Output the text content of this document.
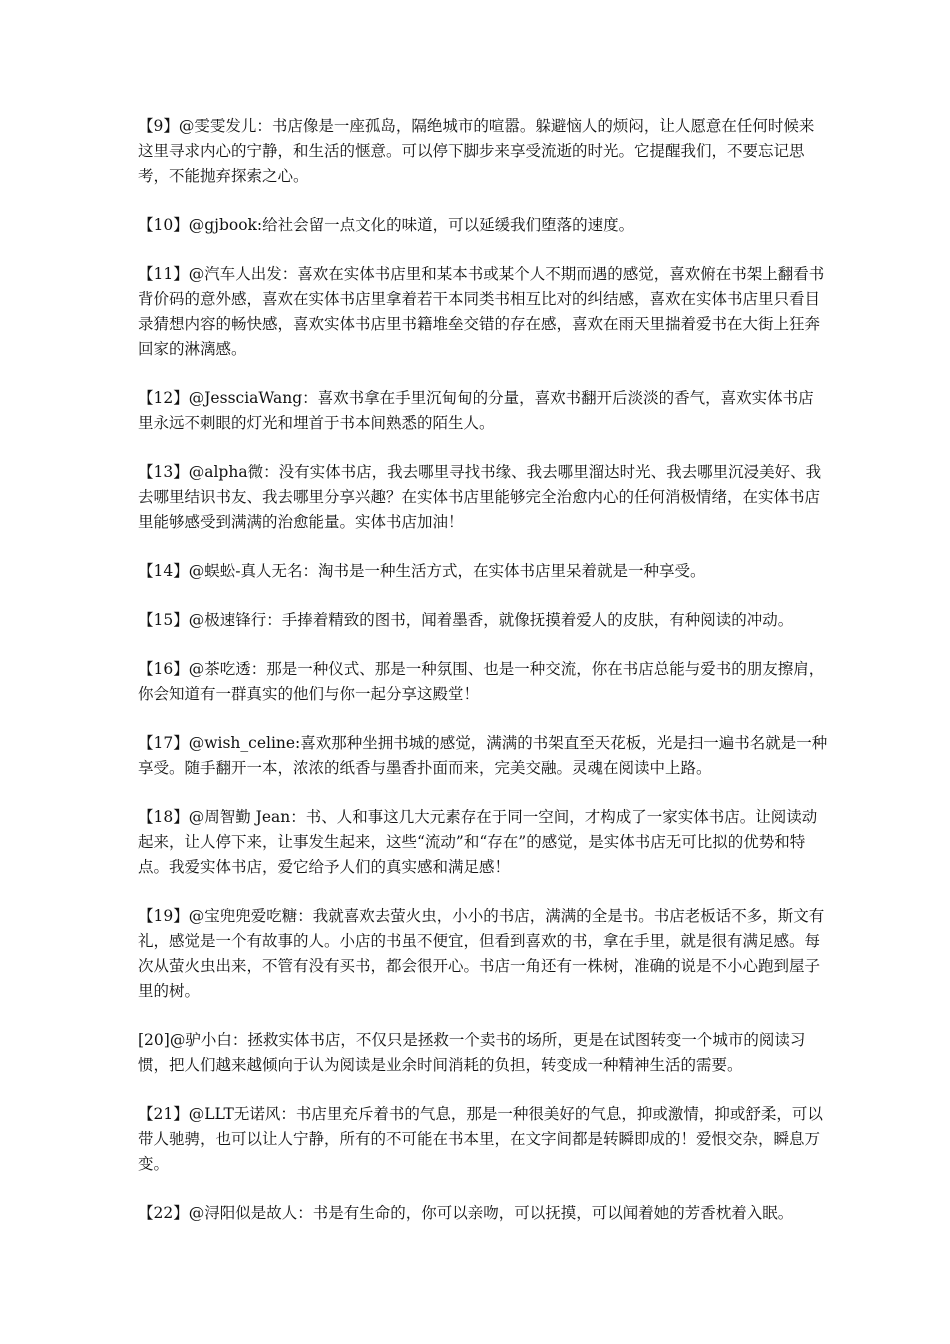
【9】@雯雯发儿：书店像是一座孤岛，隔绝城市的喧嚣。躲避恼人的烦闷，让人愿意在任何时候来这里寻求内心的宁静，和生活的惬意。可以停下脚步来享受流逝的时光。它提醒我们，不要忘记思考，不能抛弃探索之心。

【10】@gjbook:给社会留一点文化的味道，可以延缓我们堕落的速度。

【11】@汽车人出发：喜欢在实体书店里和某本书或某个人不期而遇的感觉，喜欢俯在书架上翻看书背价码的意外感，喜欢在实体书店里拿着若干本同类书相互比对的纠结感，喜欢在实体书店里只看目录猜想内容的畅快感，喜欢实体书店里书籍堆垒交错的存在感，喜欢在雨天里揣着爱书在大街上狂奔回家的淋漓感。

【12】@JessciaWang：喜欢书拿在手里沉甸甸的分量，喜欢书翻开后淡淡的香气，喜欢实体书店里永远不刺眼的灯光和埋首于书本间熟悉的陌生人。

【13】@alpha微：没有实体书店，我去哪里寻找书缘、我去哪里溜达时光、我去哪里沉浸美好、我去哪里结识书友、我去哪里分享兴趣？在实体书店里能够完全治愈内心的任何消极情绪，在实体书店里能够感受到满满的治愈能量。实体书店加油！

【14】@蜈蚣-真人无名：淘书是一种生活方式，在实体书店里呆着就是一种享受。

【15】@极速锋行：手捧着精致的图书，闻着墨香，就像抚摸着爱人的皮肤，有种阅读的冲动。

【16】@茶吃透：那是一种仪式、那是一种氛围、也是一种交流，你在书店总能与爱书的朋友擦肩，你会知道有一群真实的他们与你一起分享这殿堂！

【17】@wish_celine:喜欢那种坐拥书城的感觉，满满的书架直至天花板，光是扫一遍书名就是一种享受。随手翻开一本，浓浓的纸香与墨香扑面而来，完美交融。灵魂在阅读中上路。

【18】@周智勤 Jean：书、人和事这几大元素存在于同一空间，才构成了一家实体书店。让阅读动起来，让人停下来，让事发生起来，这些“流动”和“存在”的感觉，是实体书店无可比拟的优势和特点。我爱实体书店，爱它给予人们的真实感和满足感！

【19】@宝兜兜爱吃糖：我就喜欢去萤火虫，小小的书店，满满的全是书。书店老板话不多，斯文有礼，感觉是一个有故事的人。小店的书虽不便宜，但看到喜欢的书，拿在手里，就是很有满足感。每次从萤火虫出来，不管有没有买书，都会很开心。书店一角还有一株树，准确的说是不小心跑到屋子里的树。

[20]@驴小白：拯救实体书店，不仅只是拯救一个卖书的场所，更是在试图转变一个城市的阅读习惯，把人们越来越倾向于认为阅读是业余时间消耗的负担，转变成一种精神生活的需要。

【21】@LLT无诺风：书店里充斥着书的气息，那是一种很美好的气息，抑或激情，抑或舒柔，可以带人驰骋，也可以让人宁静，所有的不可能在书本里，在文字间都是转瞬即成的！爱恨交杂，瞬息万变。

【22】@浔阳似是故人：书是有生命的，你可以亲吻，可以抚摸，可以闻着她的芳香枕着入眠。
